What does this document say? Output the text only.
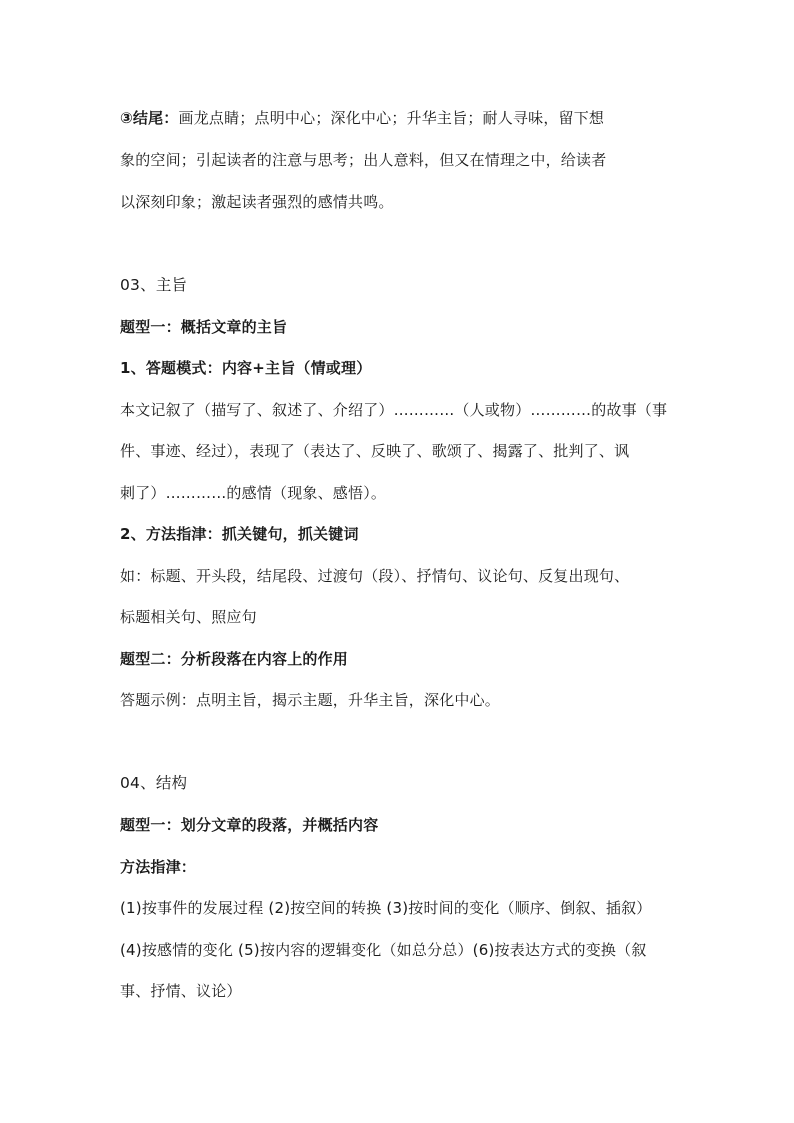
③结尾：画龙点睛；点明中心；深化中心；升华主旨；耐人寻味，留下想
象的空间；引起读者的注意与思考；出人意料，但又在情理之中，给读者
以深刻印象；激起读者强烈的感情共鸣。
03、主旨
题型一：概括文章的主旨
1、答题模式：内容+主旨（情或理）
本文记叙了（描写了、叙述了、介绍了）…………（人或物）…………的故事（事
件、事迹、经过），表现了（表达了、反映了、歌颂了、揭露了、批判了、讽
刺了）…………的感情（现象、感悟）。
2、方法指津：抓关键句，抓关键词
如：标题、开头段，结尾段、过渡句（段）、抒情句、议论句、反复出现句、
标题相关句、照应句
题型二：分析段落在内容上的作用
答题示例：点明主旨，揭示主题，升华主旨，深化中心。
04、结构
题型一：划分文章的段落，并概括内容
方法指津：
(1)按事件的发展过程 (2)按空间的转换 (3)按时间的变化（顺序、倒叙、插叙）
(4)按感情的变化 (5)按内容的逻辑变化（如总分总）(6)按表达方式的变换（叙
事、抒情、议论）
